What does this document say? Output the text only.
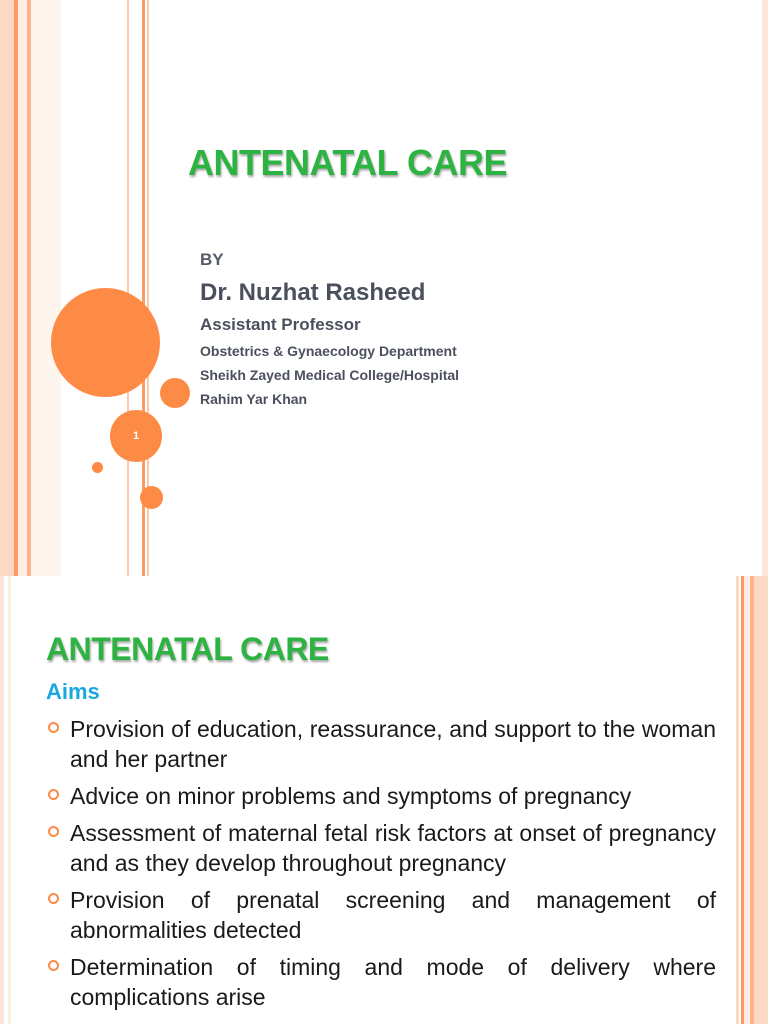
1
ANTENATAL CARE
BY
Dr. Nuzhat Rasheed
Assistant Professor
Obstetrics & Gynaecology Department
Sheikh Zayed Medical College/Hospital
Rahim Yar Khan
ANTENATAL CARE
Aims
Provision of education, reassurance, and support to the woman and her partner
Advice on minor problems and symptoms of pregnancy
Assessment of maternal fetal risk factors at onset of pregnancy and as they develop throughout pregnancy
Provision of prenatal screening and management of abnormalities detected
Determination of timing and mode of delivery where complications arise
